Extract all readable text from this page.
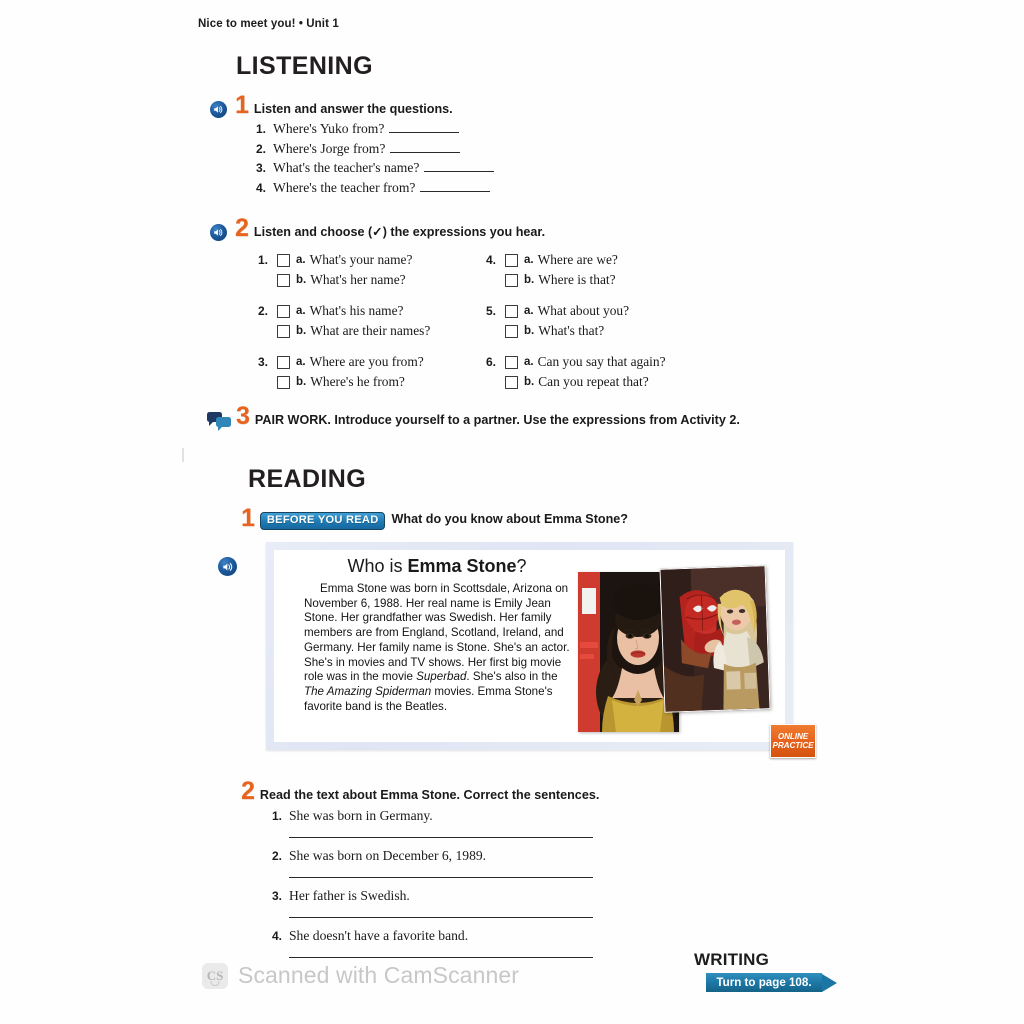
Nice to meet you! • Unit 1
LISTENING
1 Listen and answer the questions.
1. Where's Yuko from?
2. Where's Jorge from?
3. What's the teacher's name?
4. Where's the teacher from?
2 Listen and choose (✓) the expressions you hear.
1.	a. What's your name?
b. What's her name?
2.	a. What's his name?
b. What are their names?
3.	a. Where are you from?
b. Where's he from?
4.	a. Where are we?
b. Where is that?
5.	a. What about you?
b. What's that?
6.	a. Can you say that again?
b. Can you repeat that?
3 PAIR WORK. Introduce yourself to a partner. Use the expressions from Activity 2.
READING
1	BEFORE YOU READ	What do you know about Emma Stone?
Who is Emma Stone?
Emma Stone was born in Scottsdale, Arizona on November 6, 1988. Her real name is Emily Jean Stone. Her grandfather was Swedish. Her family members are from England, Scotland, Ireland, and Germany. Her family name is Stone. She's an actor. She's in movies and TV shows. Her first big movie role was in the movie Superbad. She's also in the The Amazing Spiderman movies. Emma Stone's favorite band is the Beatles.
ONLINE
PRACTICE
2 Read the text about Emma Stone. Correct the sentences.
1. She was born in Germany.
2. She was born on December 6, 1989.
3. Her father is Swedish.
4. She doesn't have a favorite band.
WRITING
Turn to page 108.
CS Scanned with CamScanner
